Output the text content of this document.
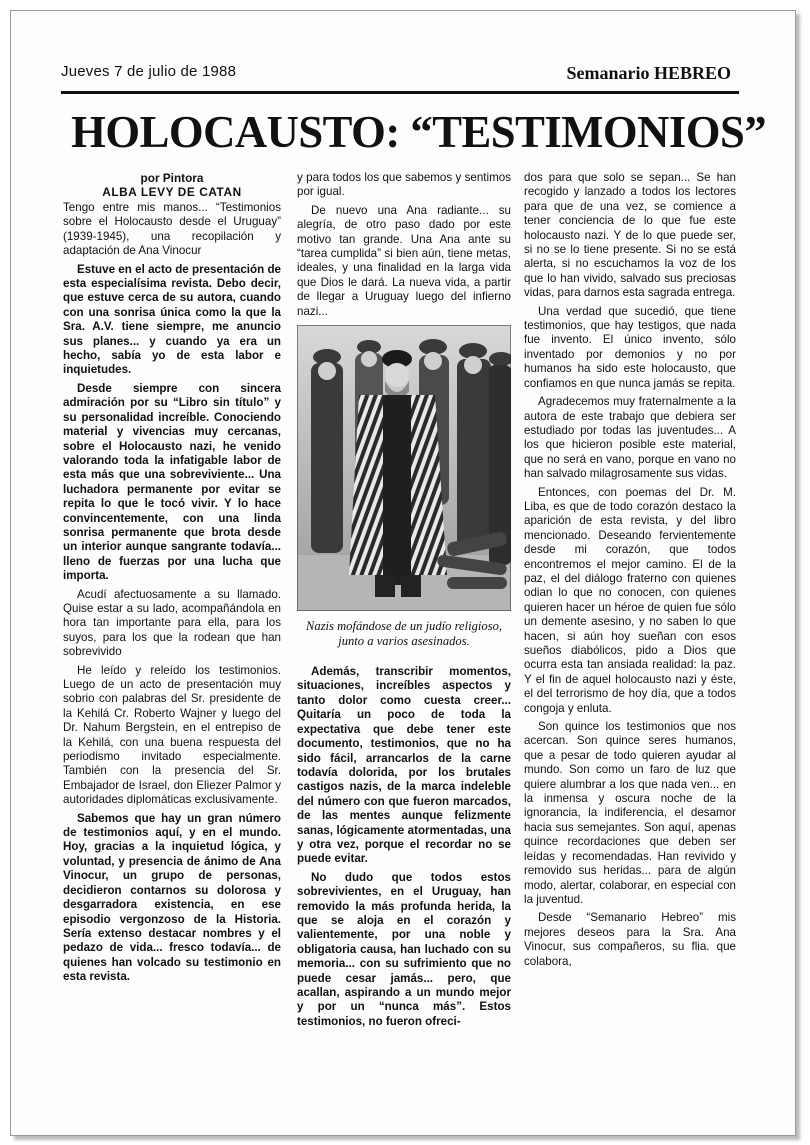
Jueves 7 de julio de 1988	Semanario HEBREO
HOLOCAUSTO: “TESTIMONIOS”
por Pintora
ALBA LEVY DE CATAN

Tengo entre mis manos... “Testimonios sobre el Holocausto desde el Uruguay” (1939-1945), una recopilación y adaptación de Ana Vinocur

Estuve en el acto de presentación de esta especialísima revista. Debo decir, que estuve cerca de su autora, cuando con una sonrisa única como la que la Sra. A.V. tiene siempre, me anuncio sus planes... y cuando ya era un hecho, sabía yo de esta labor e inquietudes.

Desde siempre con sincera admiración por su “Libro sin título” y su personalidad increíble. Conociendo material y vivencias muy cercanas, sobre el Holocausto nazi, he venido valorando toda la infatigable labor de esta más que una sobreviviente... Una luchadora permanente por evitar se repita lo que le tocó vivir. Y lo hace convincentemente, con una linda sonrisa permanente que brota desde un interior aunque sangrante todavía... lleno de fuerzas por una lucha que importa.

Acudí afectuosamente a su llamado. Quise estar a su lado, acompañándola en hora tan importante para ella, para los suyos, para los que la rodean que han sobrevivido

He leído y releído los testimonios. Luego de un acto de presentación muy sobrio con palabras del Sr. presidente de la Kehilá Cr. Roberto Wajner y luego del Dr. Nahum Bergstein, en el entrepiso de la Kehilá, con una buena respuesta del periodismo invitado especialmente. También con la presencia del Sr. Embajador de Israel, don Eliezer Palmor y autoridades diplomáticas exclusivamente.

Sabemos que hay un gran número de testimonios aquí, y en el mundo. Hoy, gracias a la inquietud lógica, y voluntad, y presencia de ánimo de Ana Vinocur, un grupo de personas, decidieron contarnos su dolorosa y desgarradora existencia, en ese episodio vergonzoso de la Historia. Sería extenso destacar nombres y el pedazo de vida... fresco todavía... de quienes han volcado su testimonio en esta revista.

y para todos los que sabemos y sentimos por igual.

De nuevo una Ana radiante... su alegría, de otro paso dado por este motivo tan grande. Una Ana ante su “tarea cumplida” si bien aún, tiene metas, ideales, y una finalidad en la larga vida que Dios le dará. La nueva vida, a partir de llegar a Uruguay luego del infierno nazi...

Nazis mofándose de un judío religioso, junto a varios asesinados.

Además, transcribir momentos, situaciones, increíbles aspectos y tanto dolor como cuesta creer... Quitaría un poco de toda la expectativa que debe tener este documento, testimonios, que no ha sido fácil, arrancarlos de la carne todavía dolorida, por los brutales castigos nazis, de la marca indeleble del número con que fueron marcados, de las mentes aunque felizmente sanas, lógicamente atormentadas, una y otra vez, porque el recordar no se puede evitar.

No dudo que todos estos sobrevivientes, en el Uruguay, han removido la más profunda herida, la que se aloja en el corazón y valientemente, por una noble y obligatoria causa, han luchado con su memoria... con su sufrimiento que no puede cesar jamás... pero, que acallan, aspirando a un mundo mejor y por un “nunca más”. Estos testimonios, no fueron ofreci-

dos para que solo se sepan... Se han recogido y lanzado a todos los lectores para que de una vez, se comience a tener conciencia de lo que fue este holocausto nazi. Y de lo que puede ser, si no se lo tiene presente. Si no se está alerta, si no escuchamos la voz de los que lo han vivido, salvado sus preciosas vidas, para darnos esta sagrada entrega.

Una verdad que sucedió, que tiene testimonios, que hay testigos, que nada fue invento. El único invento, sólo inventado por demonios y no por humanos ha sido este holocausto, que confiamos en que nunca jamás se repita.

Agradecemos muy fraternalmente a la autora de este trabajo que debiera ser estudiado por todas las juventudes... A los que hicieron posible este material, que no será en vano, porque en vano no han salvado milagrosamente sus vidas.

Entonces, con poemas del Dr. M. Liba, es que de todo corazón destaco la aparición de esta revista, y del libro mencionado. Deseando fervientemente desde mi corazón, que todos encontremos el mejor camino. El de la paz, el del diálogo fraterno con quienes odian lo que no conocen, con quienes quieren hacer un héroe de quien fue sólo un demente asesino, y no saben lo que hacen, si aún hoy sueñan con esos sueños diabólicos, pido a Dios que ocurra esta tan ansiada realidad: la paz. Y el fin de aquel holocausto nazi y éste, el del terrorismo de hoy día, que a todos congoja y enluta.

Son quince los testimonios que nos acercan. Son quince seres humanos, que a pesar de todo quieren ayudar al mundo. Son como un faro de luz que quiere alumbrar a los que nada ven... en la inmensa y oscura noche de la ignorancia, la indiferencia, el desamor hacia sus semejantes. Son aquí, apenas quince recordaciones que deben ser leídas y recomendadas. Han revivido y removido sus heridas... para de algún modo, alertar, colaborar, en especial con la juventud.

Desde “Semanario Hebreo” mis mejores deseos para la Sra. Ana Vinocur, sus compañeros, su flia. que colabora,
